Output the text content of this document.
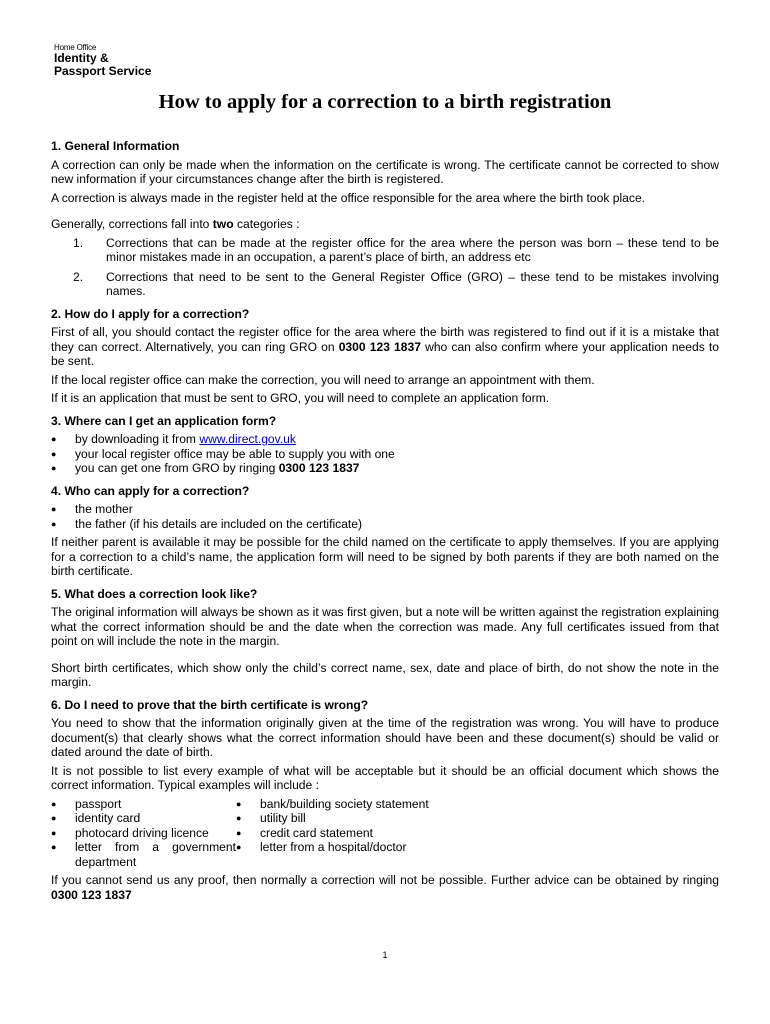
Home Office
Identity &
Passport Service
How to apply for a correction to a birth registration

1. General Information

A correction can only be made when the information on the certificate is wrong. The certificate cannot be corrected to show new information if your circumstances change after the birth is registered.

A correction is always made in the register held at the office responsible for the area where the birth took place.

Generally, corrections fall into two categories :

1.	Corrections that can be made at the register office for the area where the person was born – these tend to be minor mistakes made in an occupation, a parent’s place of birth, an address etc
2.	Corrections that need to be sent to the General Register Office (GRO) – these tend to be mistakes involving names.

2. How do I apply for a correction?

First of all, you should contact the register office for the area where the birth was registered to find out if it is a mistake that they can correct. Alternatively, you can ring GRO on 0300 123 1837 who can also confirm where your application needs to be sent.

If the local register office can make the correction, you will need to arrange an appointment with them.

If it is an application that must be sent to GRO, you will need to complete an application form.

3. Where can I get an application form?

●	by downloading it from www.direct.gov.uk
●	your local register office may be able to supply you with one
●	you can get one from GRO by ringing 0300 123 1837

4. Who can apply for a correction?

●	the mother
●	the father (if his details are included on the certificate)

If neither parent is available it may be possible for the child named on the certificate to apply themselves. If you are applying for a correction to a child’s name, the application form will need to be signed by both parents if they are both named on the birth certificate.

5. What does a correction look like?

The original information will always be shown as it was first given, but a note will be written against the registration explaining what the correct information should be and the date when the correction was made. Any full certificates issued from that point on will include the note in the margin.

Short birth certificates, which show only the child’s correct name, sex, date and place of birth, do not show the note in the margin.

6. Do I need to prove that the birth certificate is wrong?

You need to show that the information originally given at the time of the registration was wrong. You will have to produce document(s) that clearly shows what the correct information should have been and these document(s) should be valid or dated around the date of birth.

It is not possible to list every example of what will be acceptable but it should be an official document which shows the correct information. Typical examples will include :

●	passport
●	identity card
●	photocard driving licence
●	letter from a government department
●	bank/building society statement
●	utility bill
●	credit card statement
●	letter from a hospital/doctor

If you cannot send us any proof, then normally a correction will not be possible. Further advice can be obtained by ringing 0300 123 1837

1
